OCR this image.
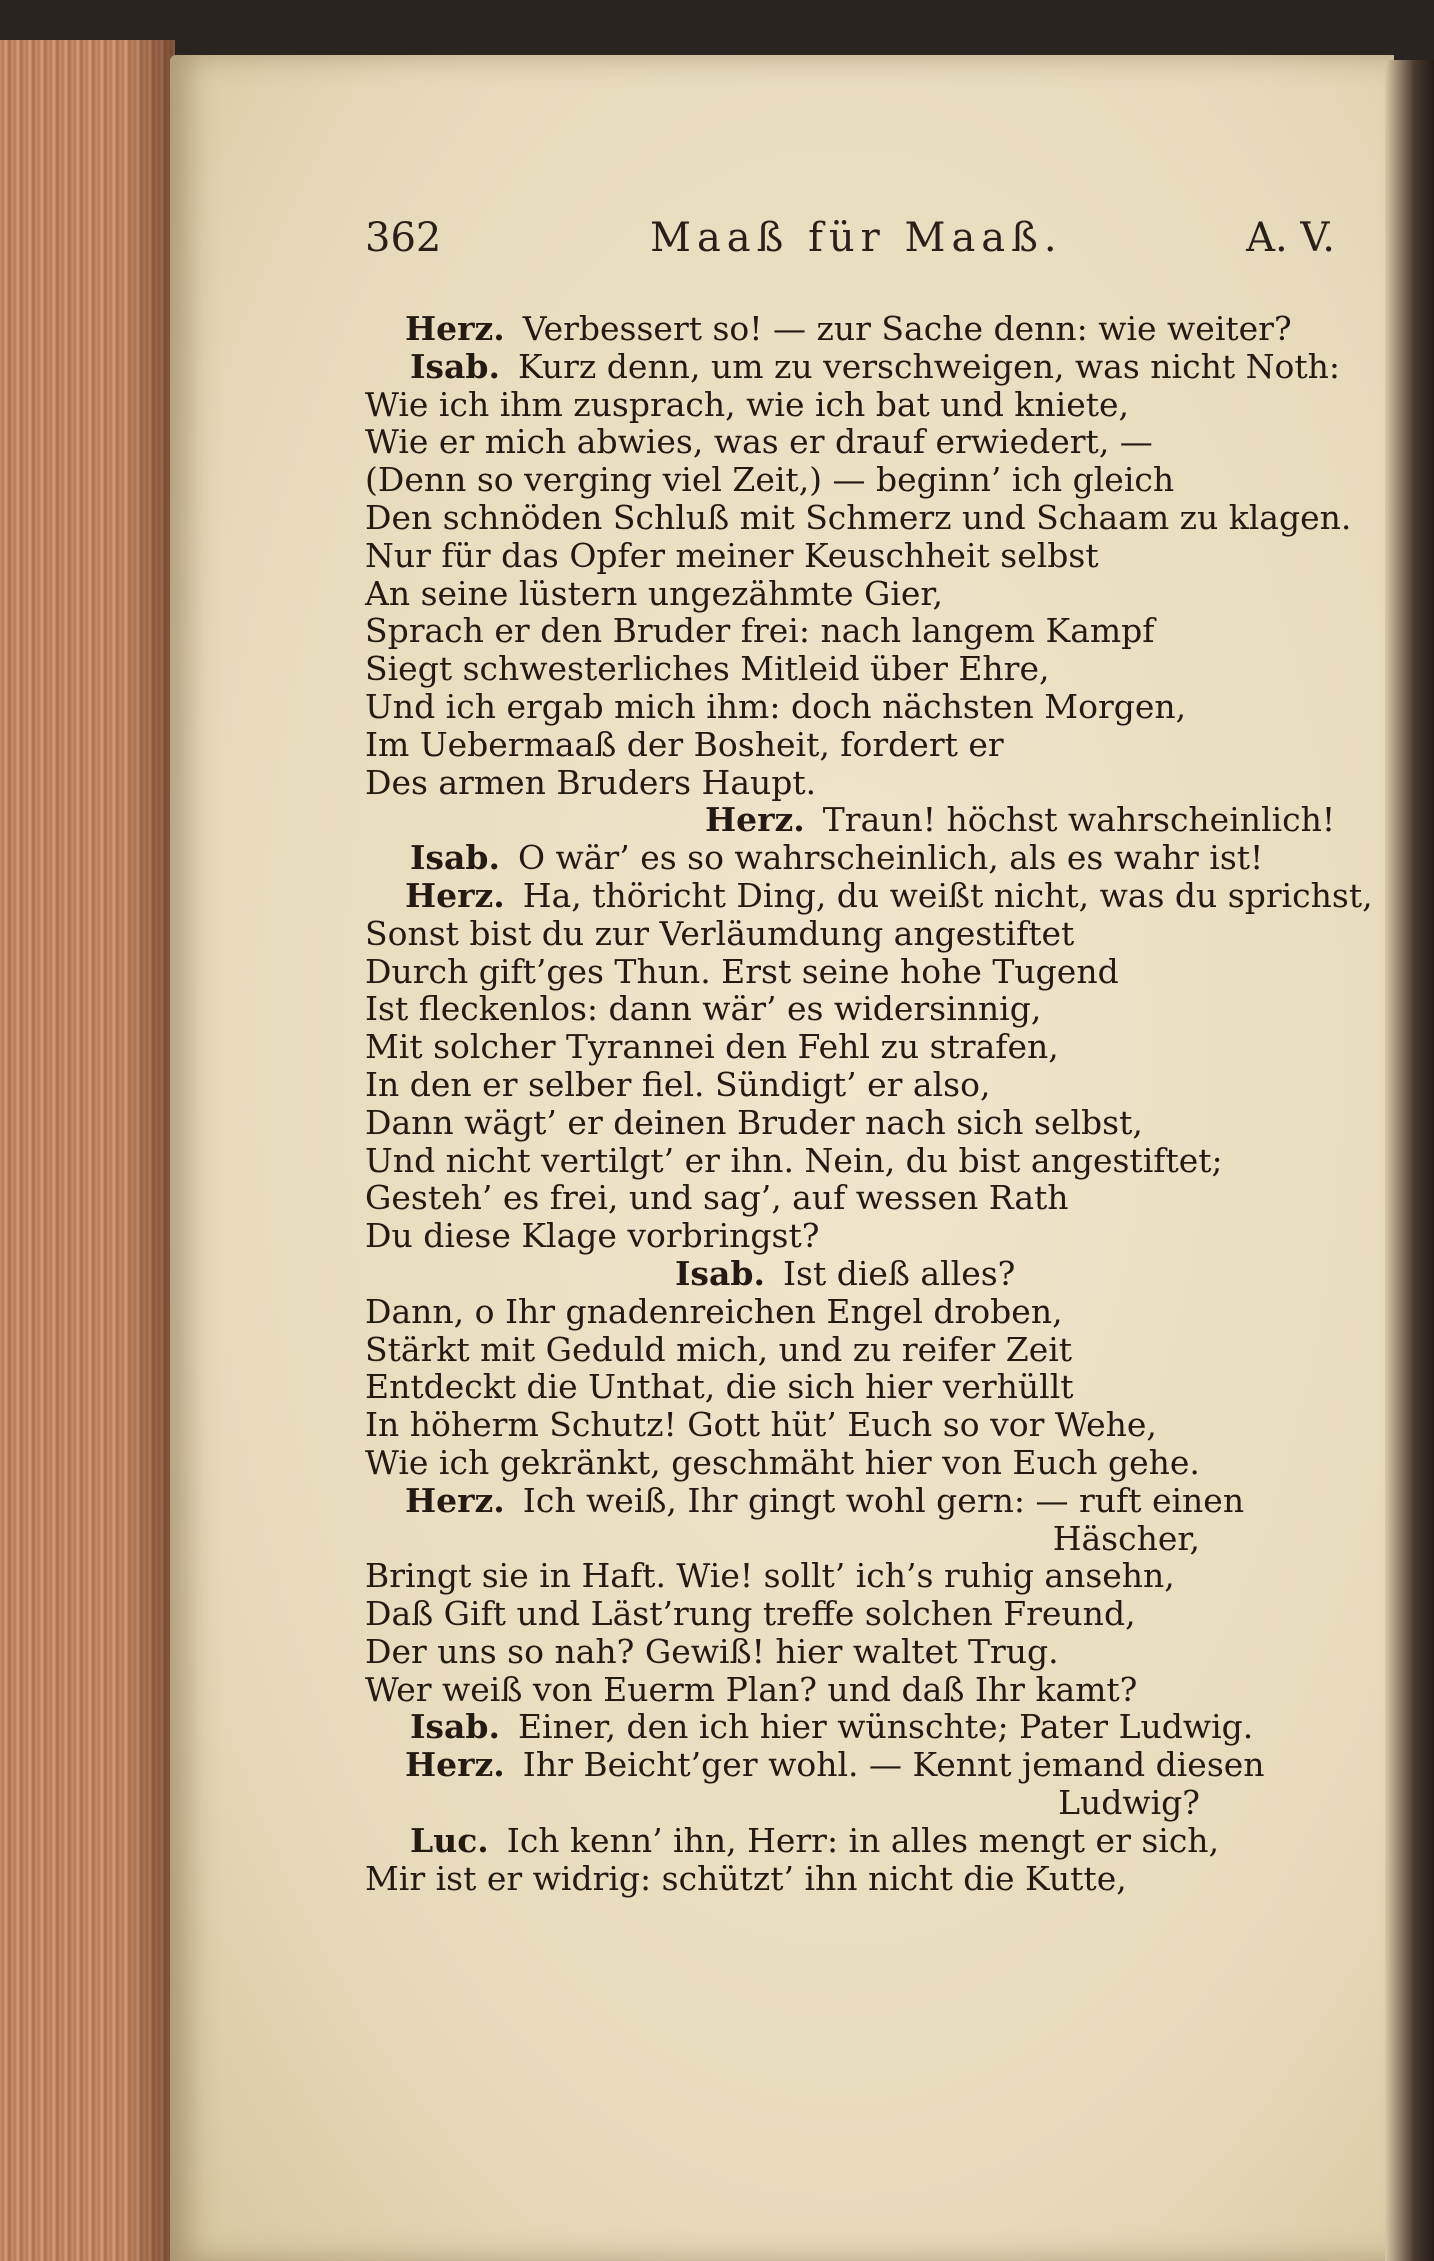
362	Maaß für Maaß.	A. V.
Herz. Verbessert so! — zur Sache denn: wie weiter?
Isab. Kurz denn, um zu verschweigen, was nicht Noth:
Wie ich ihm zusprach, wie ich bat und kniete,
Wie er mich abwies, was er drauf erwiedert, —
(Denn so verging viel Zeit,) — beginn’ ich gleich
Den schnöden Schluß mit Schmerz und Schaam zu klagen.
Nur für das Opfer meiner Keuschheit selbst
An seine lüstern ungezähmte Gier,
Sprach er den Bruder frei: nach langem Kampf
Siegt schwesterliches Mitleid über Ehre,
Und ich ergab mich ihm: doch nächsten Morgen,
Im Uebermaaß der Bosheit, fordert er
Des armen Bruders Haupt.
Herz. Traun! höchst wahrscheinlich!
Isab. O wär’ es so wahrscheinlich, als es wahr ist!
Herz. Ha, thöricht Ding, du weißt nicht, was du sprichst,
Sonst bist du zur Verläumdung angestiftet
Durch gift’ges Thun. Erst seine hohe Tugend
Ist fleckenlos: dann wär’ es widersinnig,
Mit solcher Tyrannei den Fehl zu strafen,
In den er selber fiel. Sündigt’ er also,
Dann wägt’ er deinen Bruder nach sich selbst,
Und nicht vertilgt’ er ihn. Nein, du bist angestiftet;
Gesteh’ es frei, und sag’, auf wessen Rath
Du diese Klage vorbringst?
Isab. Ist dieß alles?
Dann, o Ihr gnadenreichen Engel droben,
Stärkt mit Geduld mich, und zu reifer Zeit
Entdeckt die Unthat, die sich hier verhüllt
In höherm Schutz! Gott hüt’ Euch so vor Wehe,
Wie ich gekränkt, geschmäht hier von Euch gehe.
Herz. Ich weiß, Ihr gingt wohl gern: — ruft einen
Häscher,
Bringt sie in Haft. Wie! sollt’ ich’s ruhig ansehn,
Daß Gift und Läst’rung treffe solchen Freund,
Der uns so nah? Gewiß! hier waltet Trug.
Wer weiß von Euerm Plan? und daß Ihr kamt?
Isab. Einer, den ich hier wünschte; Pater Ludwig.
Herz. Ihr Beicht’ger wohl. — Kennt jemand diesen
Ludwig?
Luc. Ich kenn’ ihn, Herr: in alles mengt er sich,
Mir ist er widrig: schützt’ ihn nicht die Kutte,
